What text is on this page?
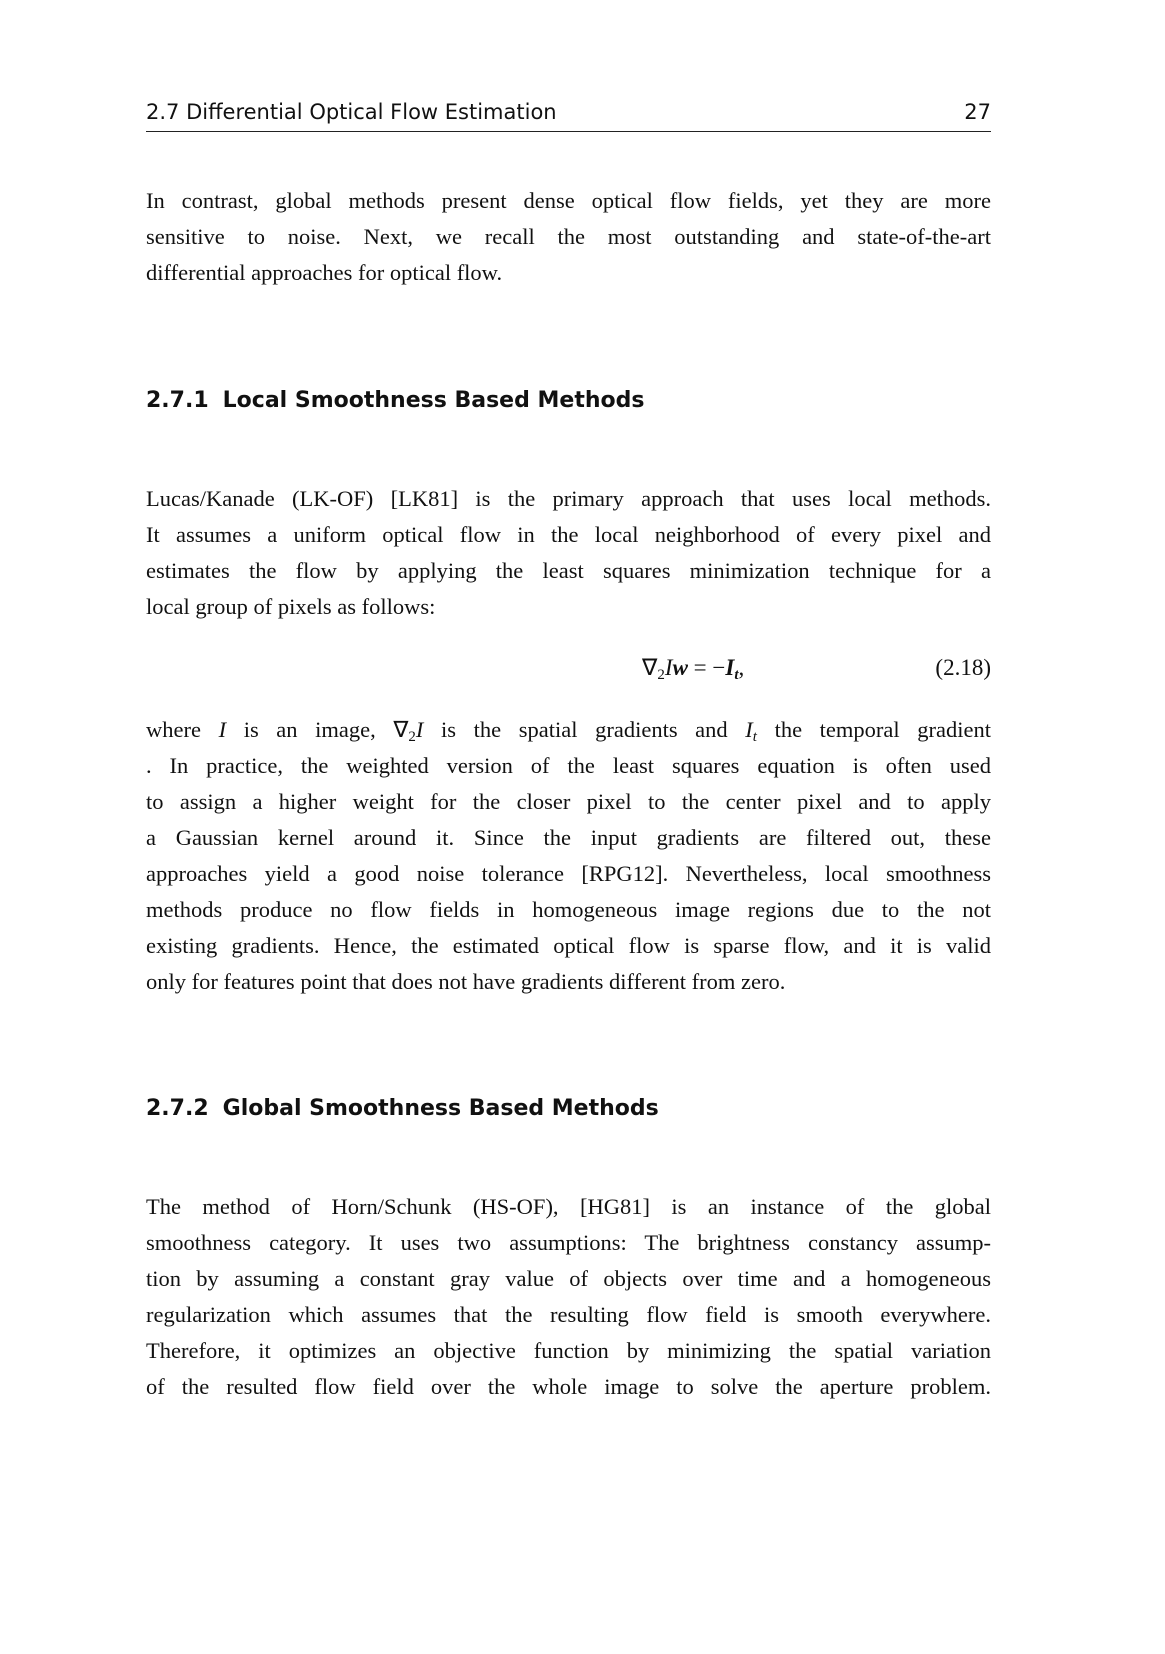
2.7 Differential Optical Flow Estimation	27
In contrast, global methods present dense optical flow fields, yet they are more
sensitive to noise. Next, we recall the most outstanding and state-of-the-art
differential approaches for optical flow.
2.7.1 Local Smoothness Based Methods
Lucas/Kanade (LK-OF) [LK81] is the primary approach that uses local methods.
It assumes a uniform optical flow in the local neighborhood of every pixel and
estimates the flow by applying the least squares minimization technique for a
local group of pixels as follows:
$\nabla_2Iw = -I_t$,	(2.18)
where I is an image, $\nabla_2I$ is the spatial gradients and $I_t$ the temporal gradient
. In practice, the weighted version of the least squares equation is often used
to assign a higher weight for the closer pixel to the center pixel and to apply
a Gaussian kernel around it. Since the input gradients are filtered out, these
approaches yield a good noise tolerance [RPG12]. Nevertheless, local smoothness
methods produce no flow fields in homogeneous image regions due to the not
existing gradients. Hence, the estimated optical flow is sparse flow, and it is valid
only for features point that does not have gradients different from zero.
2.7.2 Global Smoothness Based Methods
The method of Horn/Schunk (HS-OF), [HG81] is an instance of the global
smoothness category. It uses two assumptions: The brightness constancy assump-
tion by assuming a constant gray value of objects over time and a homogeneous
regularization which assumes that the resulting flow field is smooth everywhere.
Therefore, it optimizes an objective function by minimizing the spatial variation
of the resulted flow field over the whole image to solve the aperture problem.
